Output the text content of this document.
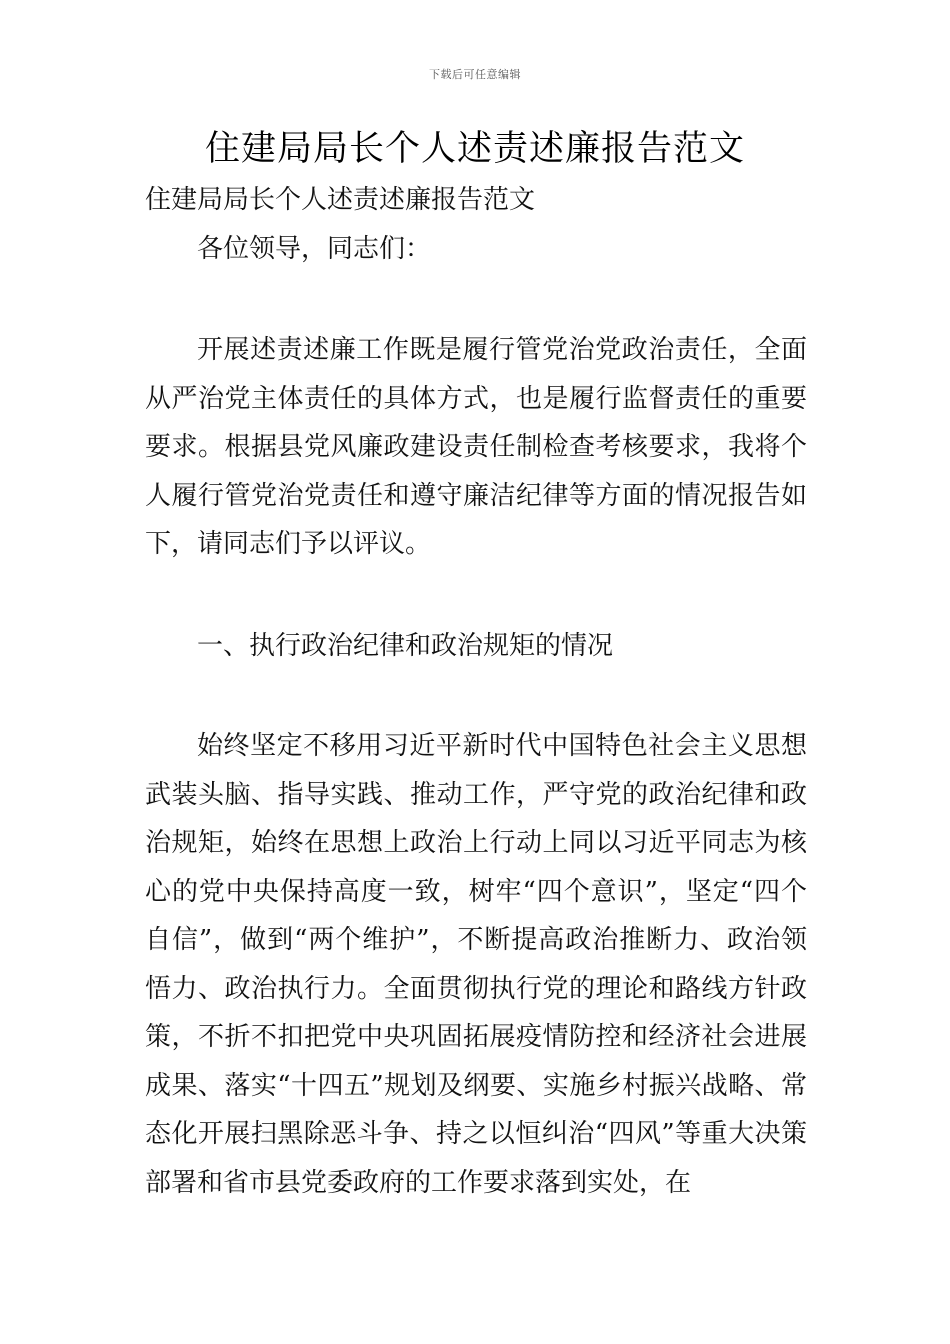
下载后可任意编辑
住建局局长个人述责述廉报告范文

住建局局长个人述责述廉报告范文

各位领导，同志们：

开展述责述廉工作既是履行管党治党政治责任，全面从严治党主体责任的具体方式，也是履行监督责任的重要要求。根据县党风廉政建设责任制检查考核要求，我将个人履行管党治党责任和遵守廉洁纪律等方面的情况报告如下，请同志们予以评议。

一、执行政治纪律和政治规矩的情况

始终坚定不移用习近平新时代中国特色社会主义思想武装头脑、指导实践、推动工作，严守党的政治纪律和政治规矩，始终在思想上政治上行动上同以习近平同志为核心的党中央保持高度一致，树牢“四个意识”，坚定“四个自信”，做到“两个维护”，不断提高政治推断力、政治领悟力、政治执行力。全面贯彻执行党的理论和路线方针政策，不折不扣把党中央巩固拓展疫情防控和经济社会进展成果、落实“十四五”规划及纲要、实施乡村振兴战略、常态化开展扫黑除恶斗争、持之以恒纠治“四风”等重大决策部署和省市县党委政府的工作要求落到实处，在
